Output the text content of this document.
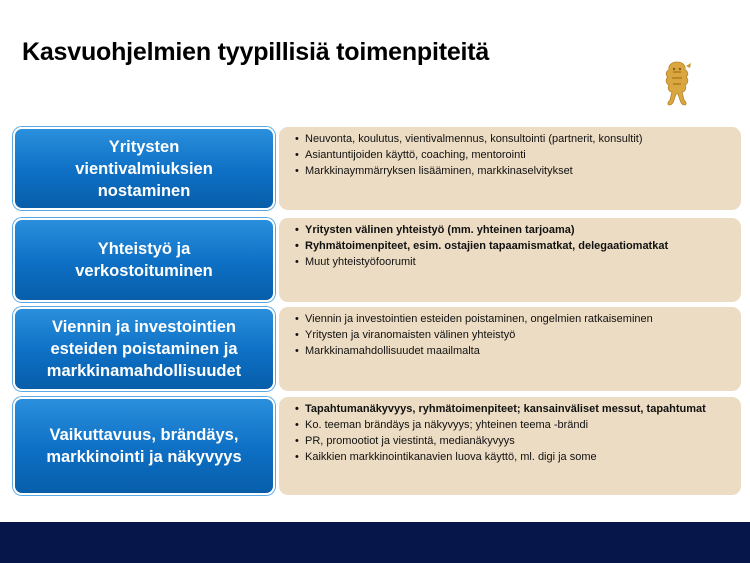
Kasvuohjelmien tyypillisiä toimenpiteitä
Yritysten
vientivalmiuksien
nostaminen
• Neuvonta, koulutus, vientivalmennus, konsultointi (partnerit, konsultit)
• Asiantuntijoiden käyttö, coaching, mentorointi
• Markkinaymmärryksen lisääminen, markkinaselvitykset
Yhteistyö ja
verkostoituminen
• Yritysten välinen yhteistyö (mm. yhteinen tarjoama)
• Ryhmätoimenpiteet, esim. ostajien tapaamismatkat, delegaatiomatkat
• Muut yhteistyöfoorumit
Viennin ja investointien
esteiden poistaminen ja
markkinamahdollisuudet
• Viennin ja investointien esteiden poistaminen, ongelmien ratkaiseminen
• Yritysten ja viranomaisten välinen yhteistyö
• Markkinamahdollisuudet maailmalta
Vaikuttavuus, brändäys,
markkinointi ja näkyvyys
• Tapahtumanäkyvyys, ryhmätoimenpiteet; kansainväliset messut, tapahtumat
• Ko. teeman brändäys ja näkyvyys; yhteinen teema -brändi
• PR, promootiot ja viestintä, medianäkyvyys
• Kaikkien markkinointikanavien luova käyttö, ml. digi ja some
